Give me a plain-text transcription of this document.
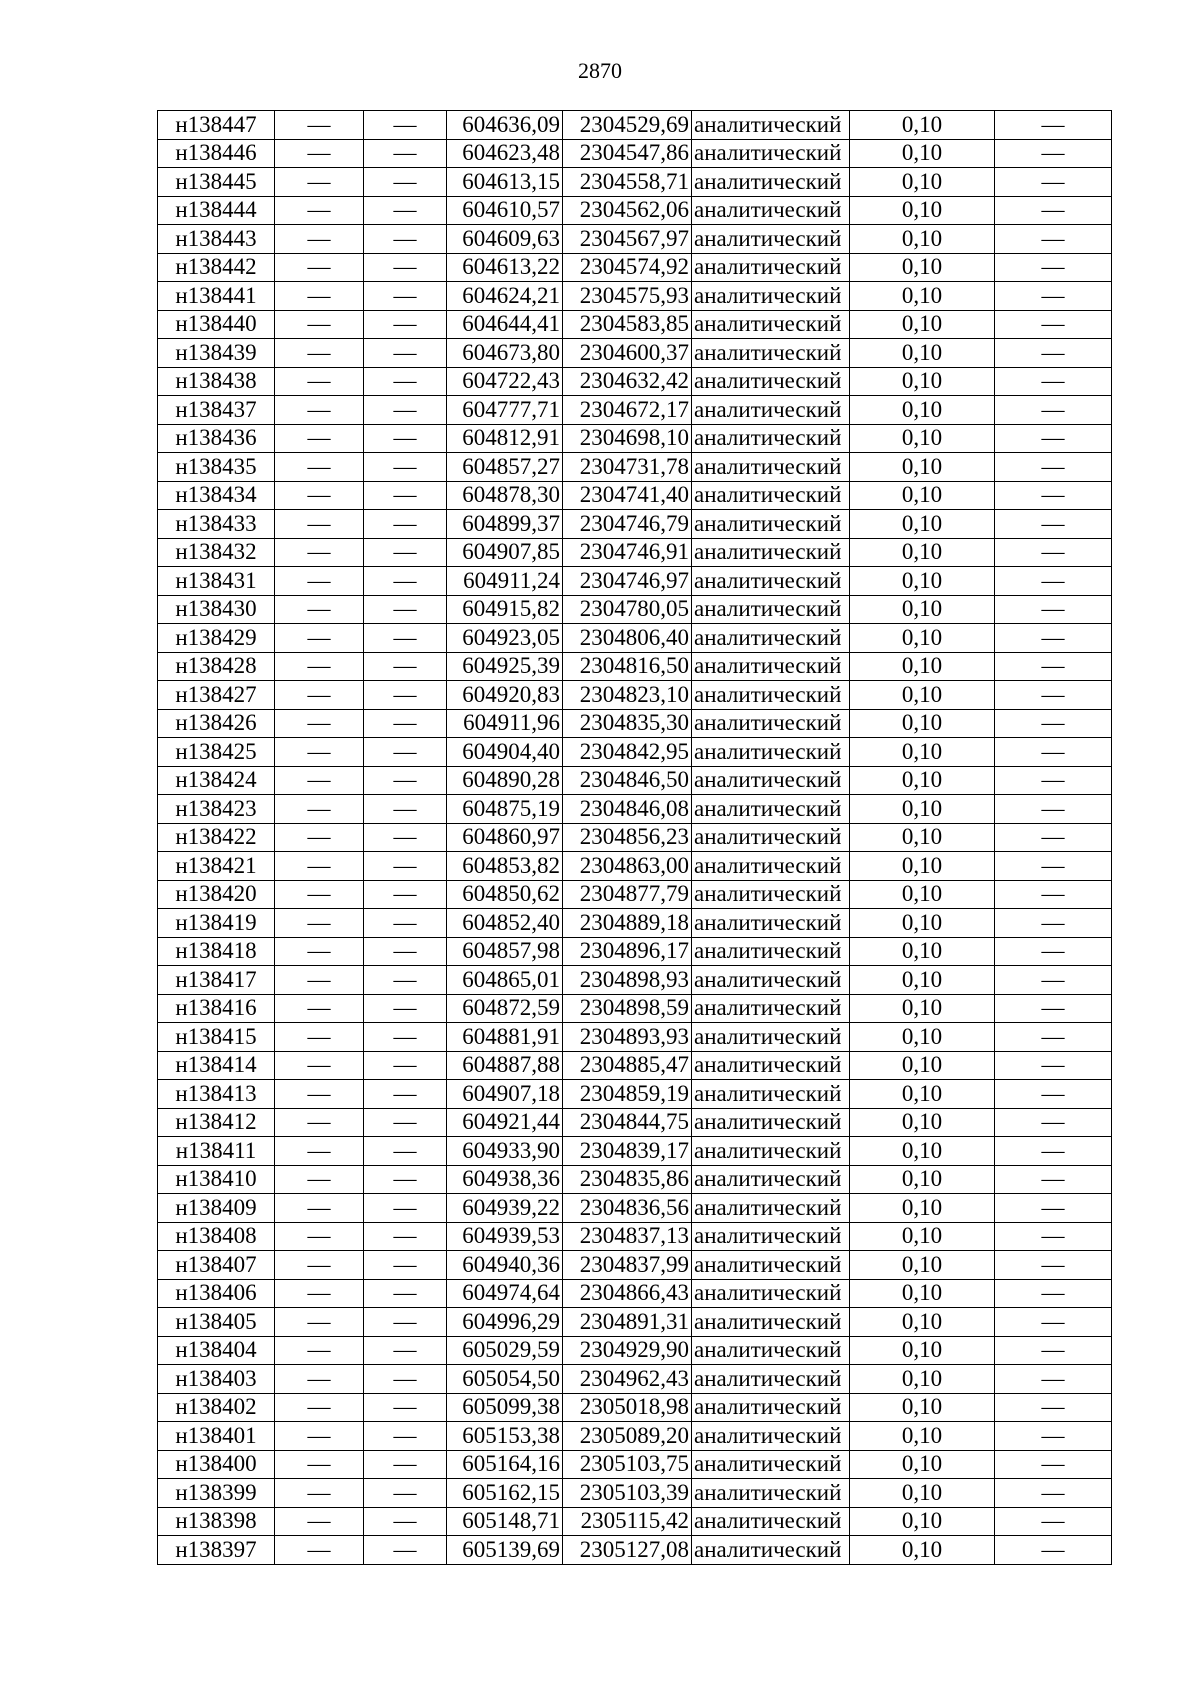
2870
н138447	—	—	604636,09	2304529,69	аналитический	0,10	—
н138446	—	—	604623,48	2304547,86	аналитический	0,10	—
н138445	—	—	604613,15	2304558,71	аналитический	0,10	—
н138444	—	—	604610,57	2304562,06	аналитический	0,10	—
н138443	—	—	604609,63	2304567,97	аналитический	0,10	—
н138442	—	—	604613,22	2304574,92	аналитический	0,10	—
н138441	—	—	604624,21	2304575,93	аналитический	0,10	—
н138440	—	—	604644,41	2304583,85	аналитический	0,10	—
н138439	—	—	604673,80	2304600,37	аналитический	0,10	—
н138438	—	—	604722,43	2304632,42	аналитический	0,10	—
н138437	—	—	604777,71	2304672,17	аналитический	0,10	—
н138436	—	—	604812,91	2304698,10	аналитический	0,10	—
н138435	—	—	604857,27	2304731,78	аналитический	0,10	—
н138434	—	—	604878,30	2304741,40	аналитический	0,10	—
н138433	—	—	604899,37	2304746,79	аналитический	0,10	—
н138432	—	—	604907,85	2304746,91	аналитический	0,10	—
н138431	—	—	604911,24	2304746,97	аналитический	0,10	—
н138430	—	—	604915,82	2304780,05	аналитический	0,10	—
н138429	—	—	604923,05	2304806,40	аналитический	0,10	—
н138428	—	—	604925,39	2304816,50	аналитический	0,10	—
н138427	—	—	604920,83	2304823,10	аналитический	0,10	—
н138426	—	—	604911,96	2304835,30	аналитический	0,10	—
н138425	—	—	604904,40	2304842,95	аналитический	0,10	—
н138424	—	—	604890,28	2304846,50	аналитический	0,10	—
н138423	—	—	604875,19	2304846,08	аналитический	0,10	—
н138422	—	—	604860,97	2304856,23	аналитический	0,10	—
н138421	—	—	604853,82	2304863,00	аналитический	0,10	—
н138420	—	—	604850,62	2304877,79	аналитический	0,10	—
н138419	—	—	604852,40	2304889,18	аналитический	0,10	—
н138418	—	—	604857,98	2304896,17	аналитический	0,10	—
н138417	—	—	604865,01	2304898,93	аналитический	0,10	—
н138416	—	—	604872,59	2304898,59	аналитический	0,10	—
н138415	—	—	604881,91	2304893,93	аналитический	0,10	—
н138414	—	—	604887,88	2304885,47	аналитический	0,10	—
н138413	—	—	604907,18	2304859,19	аналитический	0,10	—
н138412	—	—	604921,44	2304844,75	аналитический	0,10	—
н138411	—	—	604933,90	2304839,17	аналитический	0,10	—
н138410	—	—	604938,36	2304835,86	аналитический	0,10	—
н138409	—	—	604939,22	2304836,56	аналитический	0,10	—
н138408	—	—	604939,53	2304837,13	аналитический	0,10	—
н138407	—	—	604940,36	2304837,99	аналитический	0,10	—
н138406	—	—	604974,64	2304866,43	аналитический	0,10	—
н138405	—	—	604996,29	2304891,31	аналитический	0,10	—
н138404	—	—	605029,59	2304929,90	аналитический	0,10	—
н138403	—	—	605054,50	2304962,43	аналитический	0,10	—
н138402	—	—	605099,38	2305018,98	аналитический	0,10	—
н138401	—	—	605153,38	2305089,20	аналитический	0,10	—
н138400	—	—	605164,16	2305103,75	аналитический	0,10	—
н138399	—	—	605162,15	2305103,39	аналитический	0,10	—
н138398	—	—	605148,71	2305115,42	аналитический	0,10	—
н138397	—	—	605139,69	2305127,08	аналитический	0,10	—
